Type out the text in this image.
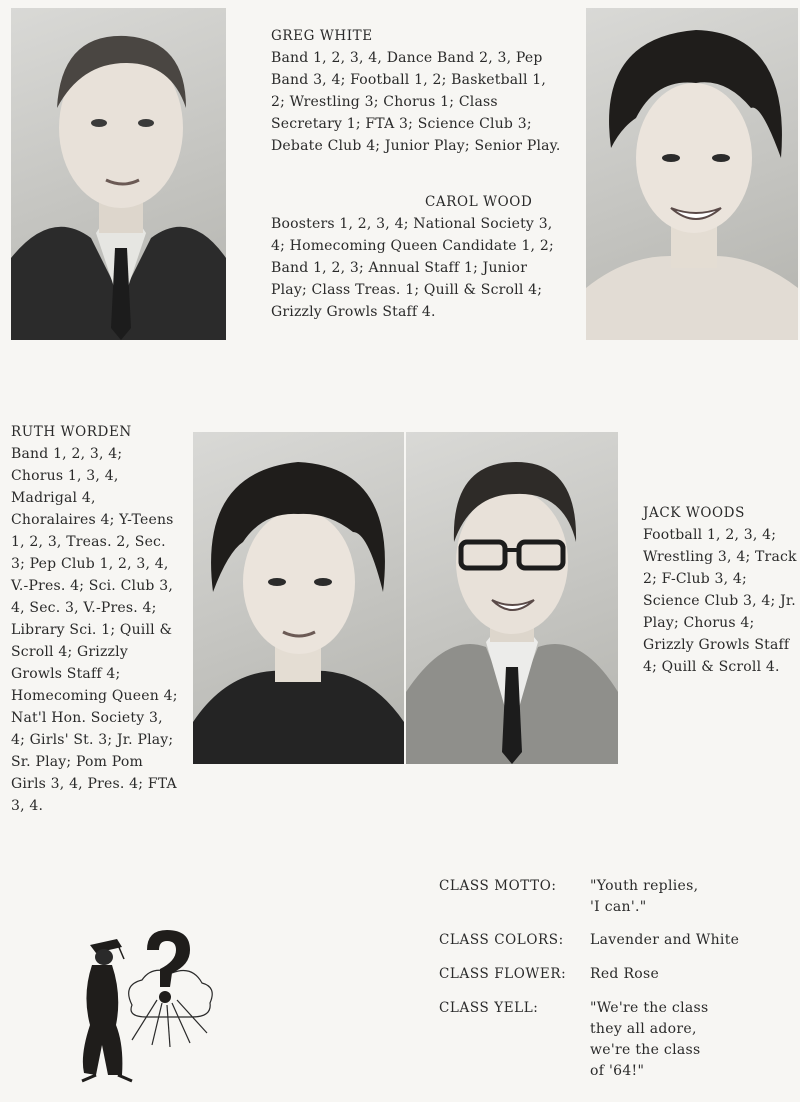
GREG WHITE
Band 1, 2, 3, 4, Dance Band 2, 3, Pep Band 3, 4; Football 1, 2; Basketball 1, 2; Wrestling 3; Chorus 1; Class Secretary 1; FTA 3; Science Club 3; Debate Club 4; Junior Play; Senior Play.
CAROL WOOD
Boosters 1, 2, 3, 4; National Society 3, 4; Homecoming Queen Candidate 1, 2; Band 1, 2, 3; Annual Staff 1; Junior Play; Class Treas. 1; Quill & Scroll 4; Grizzly Growls Staff 4.
RUTH WORDEN
Band 1, 2, 3, 4; Chorus 1, 3, 4, Madrigal 4, Choralaires 4; Y-Teens 1, 2, 3, Treas. 2, Sec. 3; Pep Club 1, 2, 3, 4, V.-Pres. 4; Sci. Club 3, 4, Sec. 3, V.-Pres. 4; Library Sci. 1; Quill & Scroll 4; Grizzly Growls Staff 4; Homecoming Queen 4; Nat'l Hon. Society 3, 4; Girls' St. 3; Jr. Play; Sr. Play; Pom Pom Girls 3, 4, Pres. 4; FTA 3, 4.
JACK WOODS
Football 1, 2, 3, 4; Wrestling 3, 4; Track 2; F-Club 3, 4; Science Club 3, 4; Jr. Play; Chorus 4; Grizzly Growls Staff 4; Quill & Scroll 4.
CLASS MOTTO: "Youth replies,
'I can'."
CLASS COLORS: Lavender and White
CLASS FLOWER: Red Rose
CLASS YELL:	"We're the class
they all adore,
we're the class
of '64!"
